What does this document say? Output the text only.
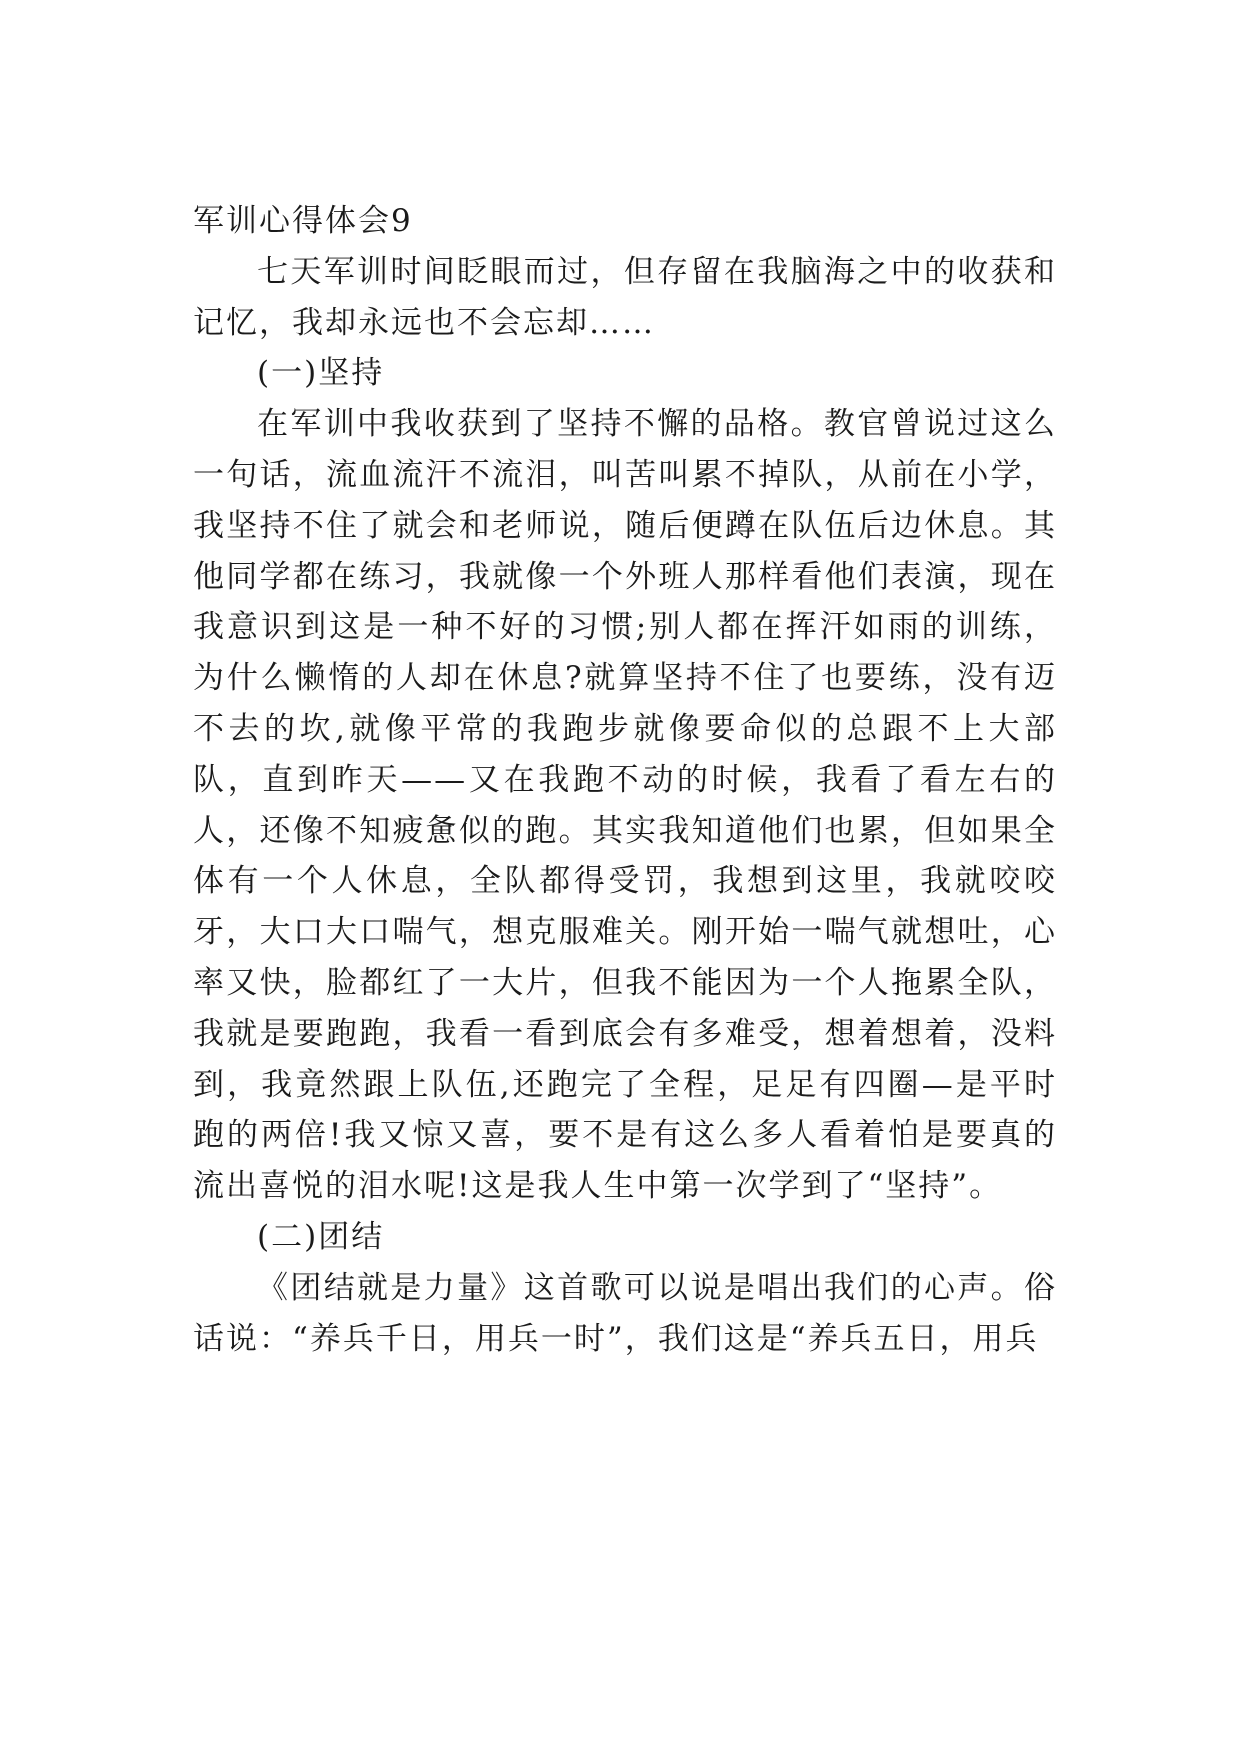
军训心得体会9

七天军训时间眨眼而过，但存留在我脑海之中的收获和记忆，我却永远也不会忘却……

(一)坚持

在军训中我收获到了坚持不懈的品格。教官曾说过这么一句话，流血流汗不流泪，叫苦叫累不掉队，从前在小学，我坚持不住了就会和老师说，随后便蹲在队伍后边休息。其他同学都在练习，我就像一个外班人那样看他们表演，现在我意识到这是一种不好的习惯;别人都在挥汗如雨的训练，为什么懒惰的人却在休息?就算坚持不住了也要练，没有迈不去的坎,就像平常的我跑步就像要命似的总跟不上大部队，直到昨天——又在我跑不动的时候，我看了看左右的人，还像不知疲惫似的跑。其实我知道他们也累，但如果全体有一个人休息，全队都得受罚，我想到这里，我就咬咬牙，大口大口喘气，想克服难关。刚开始一喘气就想吐，心率又快，脸都红了一大片，但我不能因为一个人拖累全队，我就是要跑跑，我看一看到底会有多难受，想着想着，没料到，我竟然跟上队伍,还跑完了全程，足足有四圈—是平时跑的两倍!我又惊又喜，要不是有这么多人看着怕是要真的流出喜悦的泪水呢!这是我人生中第一次学到了“坚持”。

(二)团结

《团结就是力量》这首歌可以说是唱出我们的心声。俗话说：“养兵千日，用兵一时”，我们这是“养兵五日，用兵
